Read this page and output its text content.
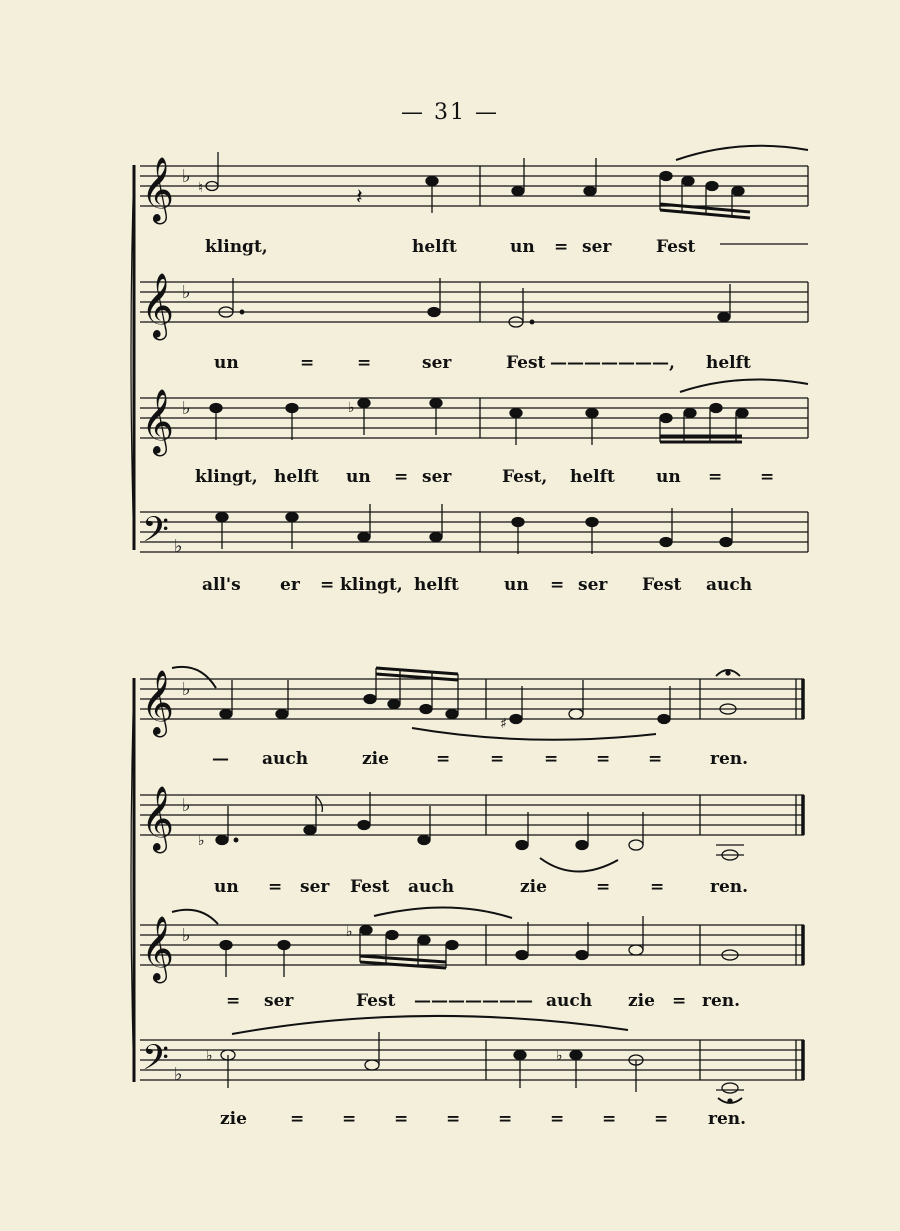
— 31 —
𝄞 ♭
♮	𝄽
𝄞 ♭
𝄞 ♭	♭
𝄢 ♭
𝄞 ♭
♯
𝄞 ♭
♭
𝄞 ♭	♭
𝄢 ♭
♭	♭
klingt,	helft	un = ser	Fest
un	=	=	ser	Fest ———————, helft
klingt, helft un = ser	Fest, helft un = =
all's er = klingt, helft	un = ser Fest auch
— auch	zie	= = = = =	ren.
un = ser Fest auch	zie	= =	ren.
= ser	Fest ——————— auch zie = ren.
zie	= = = = = = = = ren.
